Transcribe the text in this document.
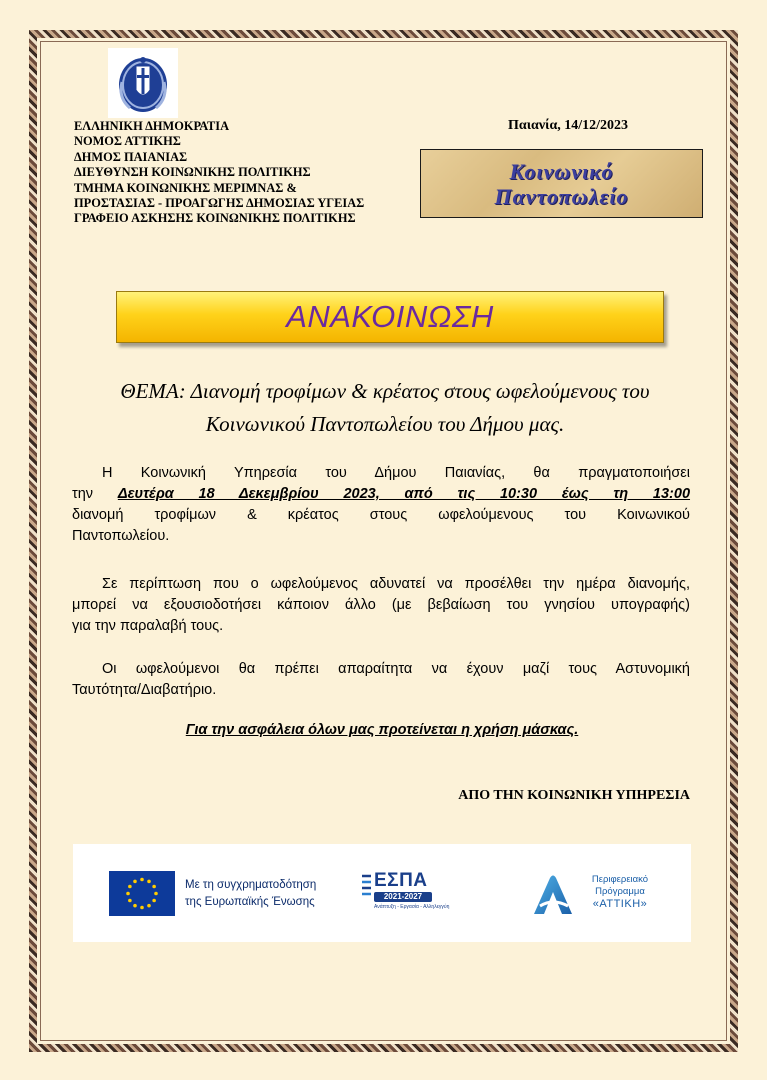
ΕΛΛΗΝΙΚΗ ΔΗΜΟΚΡΑΤΙΑ
ΝΟΜΟΣ ΑΤΤΙΚΗΣ
ΔΗΜΟΣ ΠΑΙΑΝΙΑΣ
ΔΙΕΥΘΥΝΣΗ ΚΟΙΝΩΝΙΚΗΣ ΠΟΛΙΤΙΚΗΣ
ΤΜΗΜΑ ΚΟΙΝΩΝΙΚΗΣ ΜΕΡΙΜΝΑΣ &
ΠΡΟΣΤΑΣΙΑΣ - ΠΡΟΑΓΩΓΗΣ ΔΗΜΟΣΙΑΣ ΥΓΕΙΑΣ
ΓΡΑΦΕΙΟ ΑΣΚΗΣΗΣ ΚΟΙΝΩΝΙΚΗΣ ΠΟΛΙΤΙΚΗΣ
Παιανία, 14/12/2023
Κοινωνικό
Παντοπωλείο
ΑΝΑΚΟΙΝΩΣΗ
ΘΕΜΑ: Διανομή τροφίμων & κρέατος στους ωφελούμενους του
Κοινωνικού Παντοπωλείου του Δήμου μας.
Η Κοινωνική Υπηρεσία του Δήμου Παιανίας, θα πραγματοποιήσει
την Δευτέρα 18 Δεκεμβρίου 2023, από τις 10:30 έως τη 13:00
διανομή τροφίμων & κρέατος στους ωφελούμενους του Κοινωνικού
Παντοπωλείου.
Σε περίπτωση που ο ωφελούμενος αδυνατεί να προσέλθει την ημέρα διανομής,
μπορεί να εξουσιοδοτήσει κάποιον άλλο (με βεβαίωση του γνησίου υπογραφής)
για την παραλαβή τους.
Οι ωφελούμενοι θα πρέπει απαραίτητα να έχουν μαζί τους Αστυνομική
Ταυτότητα/Διαβατήριο.
Για την ασφάλεια όλων μας προτείνεται η χρήση μάσκας.
ΑΠΟ ΤΗΝ ΚΟΙΝΩΝΙΚΗ ΥΠΗΡΕΣΙΑ
Με τη συγχρηματοδότηση
της Ευρωπαϊκής Ένωσης
ΕΣΠΑ
2021-2027
Ανάπτυξη - Εργασία - Αλληλεγγύη
Περιφερειακό
Πρόγραμμα
«ΑΤΤΙΚΗ»
